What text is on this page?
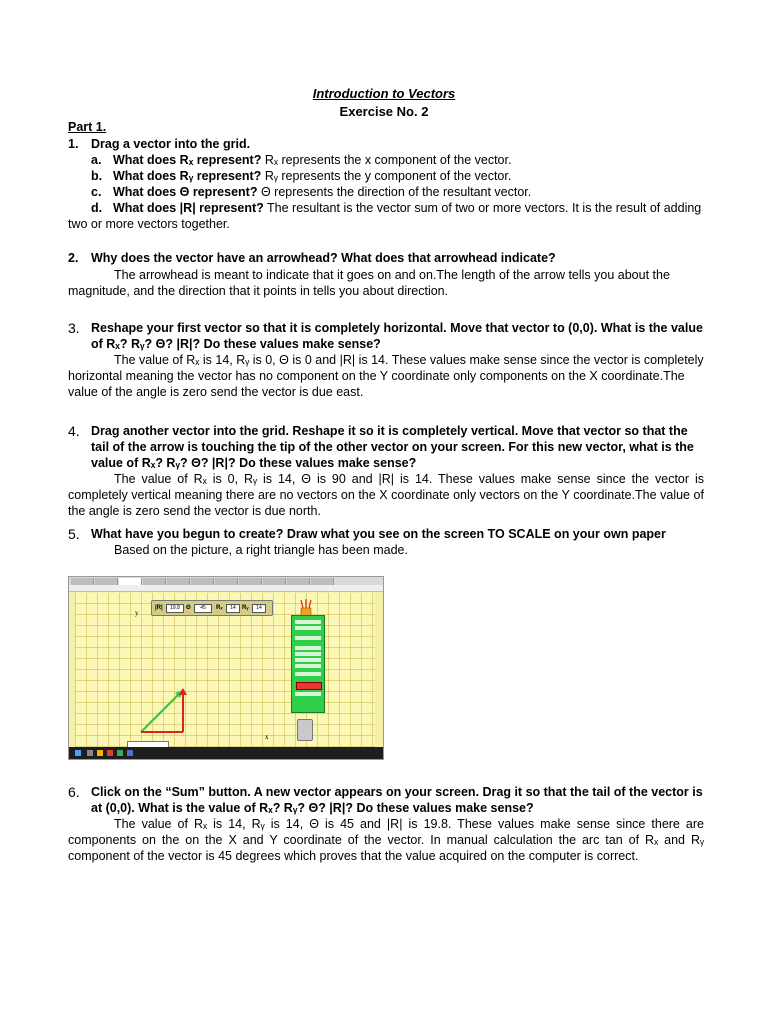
Introduction to Vectors
Exercise No. 2
Part 1.
1. Drag a vector into the grid.
a. What does Rₓ represent? Rₓ represents the x component of the vector.
b. What does Rᵧ represent? Rᵧ represents the y component of the vector.
c. What does Θ represent? Θ represents the direction of the resultant vector.
d. What does |R| represent? The resultant is the vector sum of two or more vectors. It is the result of adding two or more vectors together.
2. Why does the vector have an arrowhead? What does that arrowhead indicate?
The arrowhead is meant to indicate that it goes on and on.The length of the arrow tells you about the magnitude, and the direction that it points in tells you about direction.
3. Reshape your first vector so that it is completely horizontal. Move that vector to (0,0). What is the value of Rₓ? Rᵧ? Θ? |R|? Do these values make sense?
The value of Rₓ is 14, Rᵧ is 0, Θ is 0 and |R| is 14. These values make sense since the vector is completely horizontal meaning the vector has no component on the Y coordinate only components on the X coordinate.The value of the angle is zero send the vector is due east.
4. Drag another vector into the grid. Reshape it so it is completely vertical. Move that vector so that the tail of the arrow is touching the tip of the other vector on your screen. For this new vector, what is the value of Rₓ? Rᵧ? Θ? |R|? Do these values make sense?
The value of Rₓ is 0, Rᵧ is 14, Θ is 90 and |R| is 14. These values make sense since the vector is completely vertical meaning there are no vectors on the X coordinate only vectors on the Y coordinate.The value of the angle is zero send the vector is due north.
5. What have you begun to create? Draw what you see on the screen TO SCALE on your own paper
Based on the picture, a right triangle has been made.
|R|	19.8	Θ	45	Rₓ	14	Rᵧ	14
y
x
6. Click on the “Sum” button. A new vector appears on your screen. Drag it so that the tail of the vector is at (0,0). What is the value of Rₓ? Rᵧ? Θ? |R|? Do these values make sense?
The value of Rₓ is 14, Rᵧ is 14, Θ is 45 and |R| is 19.8. These values make sense since there are components on the on the X and Y coordinate of the vector. In manual calculation the arc tan of Rₓ and Rᵧ component of the vector is 45 degrees which proves that the value acquired on the computer is correct.
